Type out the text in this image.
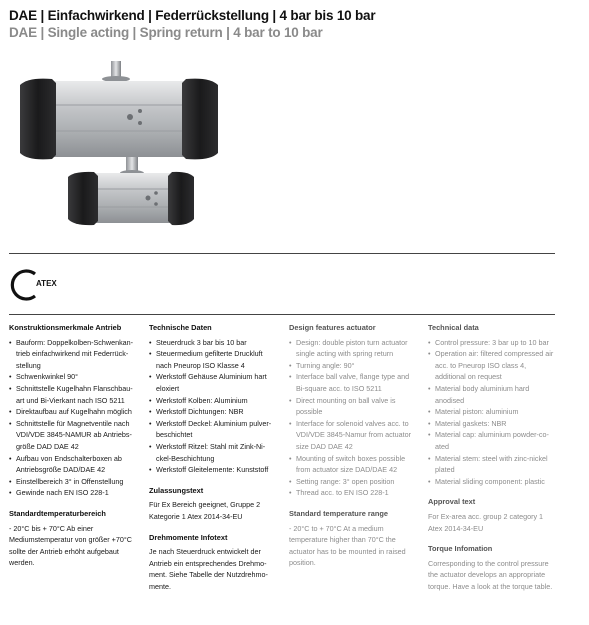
DAE | Einfachwirkend | Federrückstellung | 4 bar bis 10 bar
DAE | Single acting | Spring return | 4 bar to 10 bar
ATEX
Konstruktionsmerkmale Antrieb
• Bauform: Doppelkolben-Schwenkantrieb einfachwirkend mit Federrückstellung
• Schwenkwinkel 90°
• Schnittstelle Kugelhahn Flanschbauart und Bi-Vierkant nach ISO 5211
• Direktaufbau auf Kugelhahn möglich
• Schnittstelle für Magnetventile nach VDI/VDE 3845-NAMUR ab Antriebsgröße DAD DAE 42
• Aufbau von Endschalterboxen ab Antriebsgröße DAD/DAE 42
• Einstellbereich 3° in Offenstellung
• Gewinde nach EN ISO 228-1
Standardtemperaturbereich

- 20°C bis + 70°C Ab einer Mediumstemperatur von größer +70°C sollte der Antrieb erhöht aufgebaut werden.

Technische Daten
• Steuerdruck 3 bar bis 10 bar
• Steuermedium gefilterte Druckluft nach Pneurop ISO Klasse 4
• Werkstoff Gehäuse Aluminium hart eloxiert
• Werkstoff Kolben: Aluminium
• Werkstoff Dichtungen: NBR
• Werkstoff Deckel: Aluminium pulverbeschichtet
• Werkstoff Ritzel: Stahl mit Zink-Nickel-Beschichtung
• Werkstoff Gleitelemente: Kunststoff
Zulassungstext

Für Ex Bereich geeignet, Gruppe 2 Kategorie 1 Atex 2014-34-EU

Drehmomente Infotext

Je nach Steuerdruck entwickelt der Antrieb ein entsprechendes Drehmoment. Siehe Tabelle der Nutzdrehmomente.

Design features actuator
• Design: double piston turn actuator single acting with spring return
• Turning angle: 90°
• Interface ball valve, flange type and Bi-square acc. to ISO 5211
• Direct mounting on ball valve is possible
• Interface for solenoid valves acc. to VDI/VDE 3845-Namur from actuator size DAD DAE 42
• Mounting of switch boxes possible from actuator size DAD/DAE 42
• Setting range: 3° open position
• Thread acc. to EN ISO 228-1
Standard temperature range

- 20°C to + 70°C At a medium temperature higher than 70°C the actuator has to be mounted in raised position.

Technical data
• Control pressure: 3 bar up to 10 bar
• Operation air: filtered compressed air acc. to Pneurop ISO class 4, additional on request
• Material body aluminium hard anodised
• Material piston: aluminium
• Material gaskets: NBR
• Material cap: aluminium powder-coated
• Material stem: steel with zinc-nickel plated
• Material sliding component: plastic
Approval text

For Ex-area acc. group 2 category 1 Atex 2014-34-EU

Torque Infomation

Corresponding to the control pressure the actuator develops an appropriate torque. Have a look at the torque table.
